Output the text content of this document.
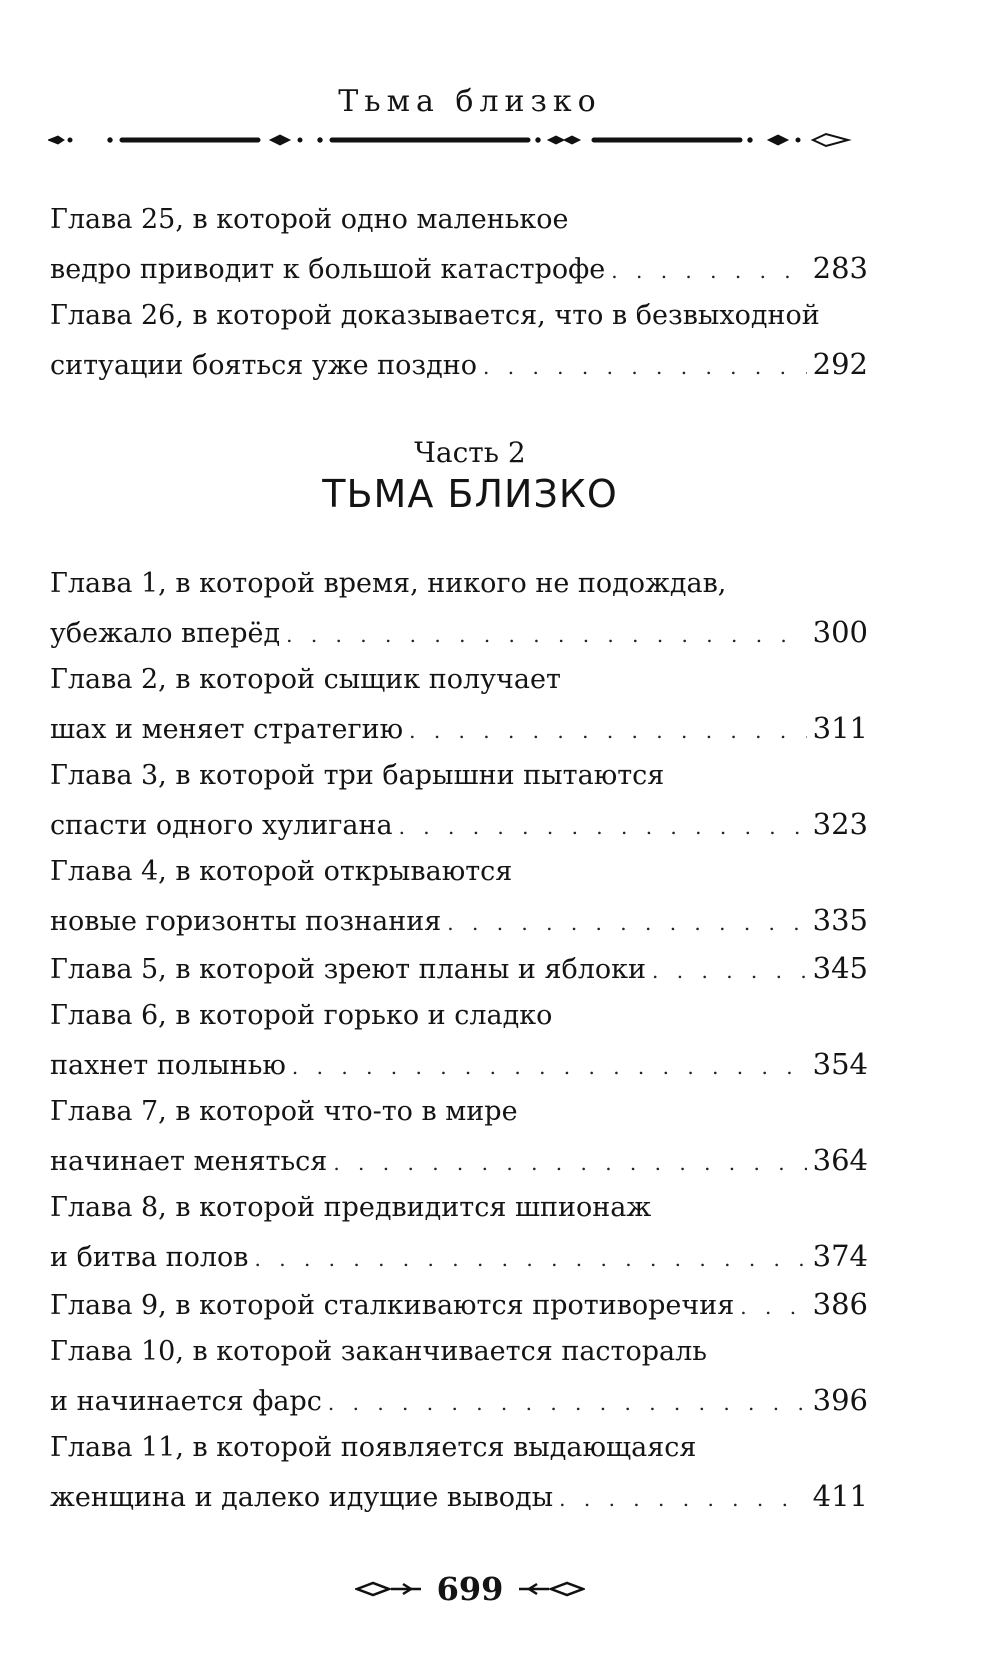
Тьма близко
Глава 25, в которой одно маленькое
ведро приводит к большой катастрофе . . .	283
Глава 26, в которой доказывается, что в безвыходной
ситуации бояться уже поздно . . .	292
Часть 2
ТЬМА БЛИЗКО
Глава 1, в которой время, никого не подождав,
убежало вперёд . . .	300
Глава 2, в которой сыщик получает
шах и меняет стратегию . . .	311
Глава 3, в которой три барышни пытаются
спасти одного хулигана . . .	323
Глава 4, в которой открываются
новые горизонты познания . . .	335
Глава 5, в которой зреют планы и яблоки . . .	345
Глава 6, в которой горько и сладко
пахнет полынью . . .	354
Глава 7, в которой что-то в мире
начинает меняться . . .	364
Глава 8, в которой предвидится шпионаж
и битва полов . . .	374
Глава 9, в которой сталкиваются противоречия . . .	386
Глава 10, в которой заканчивается пастораль
и начинается фарс . . .	396
Глава 11, в которой появляется выдающаяся
женщина и далеко идущие выводы . . .	411
699
